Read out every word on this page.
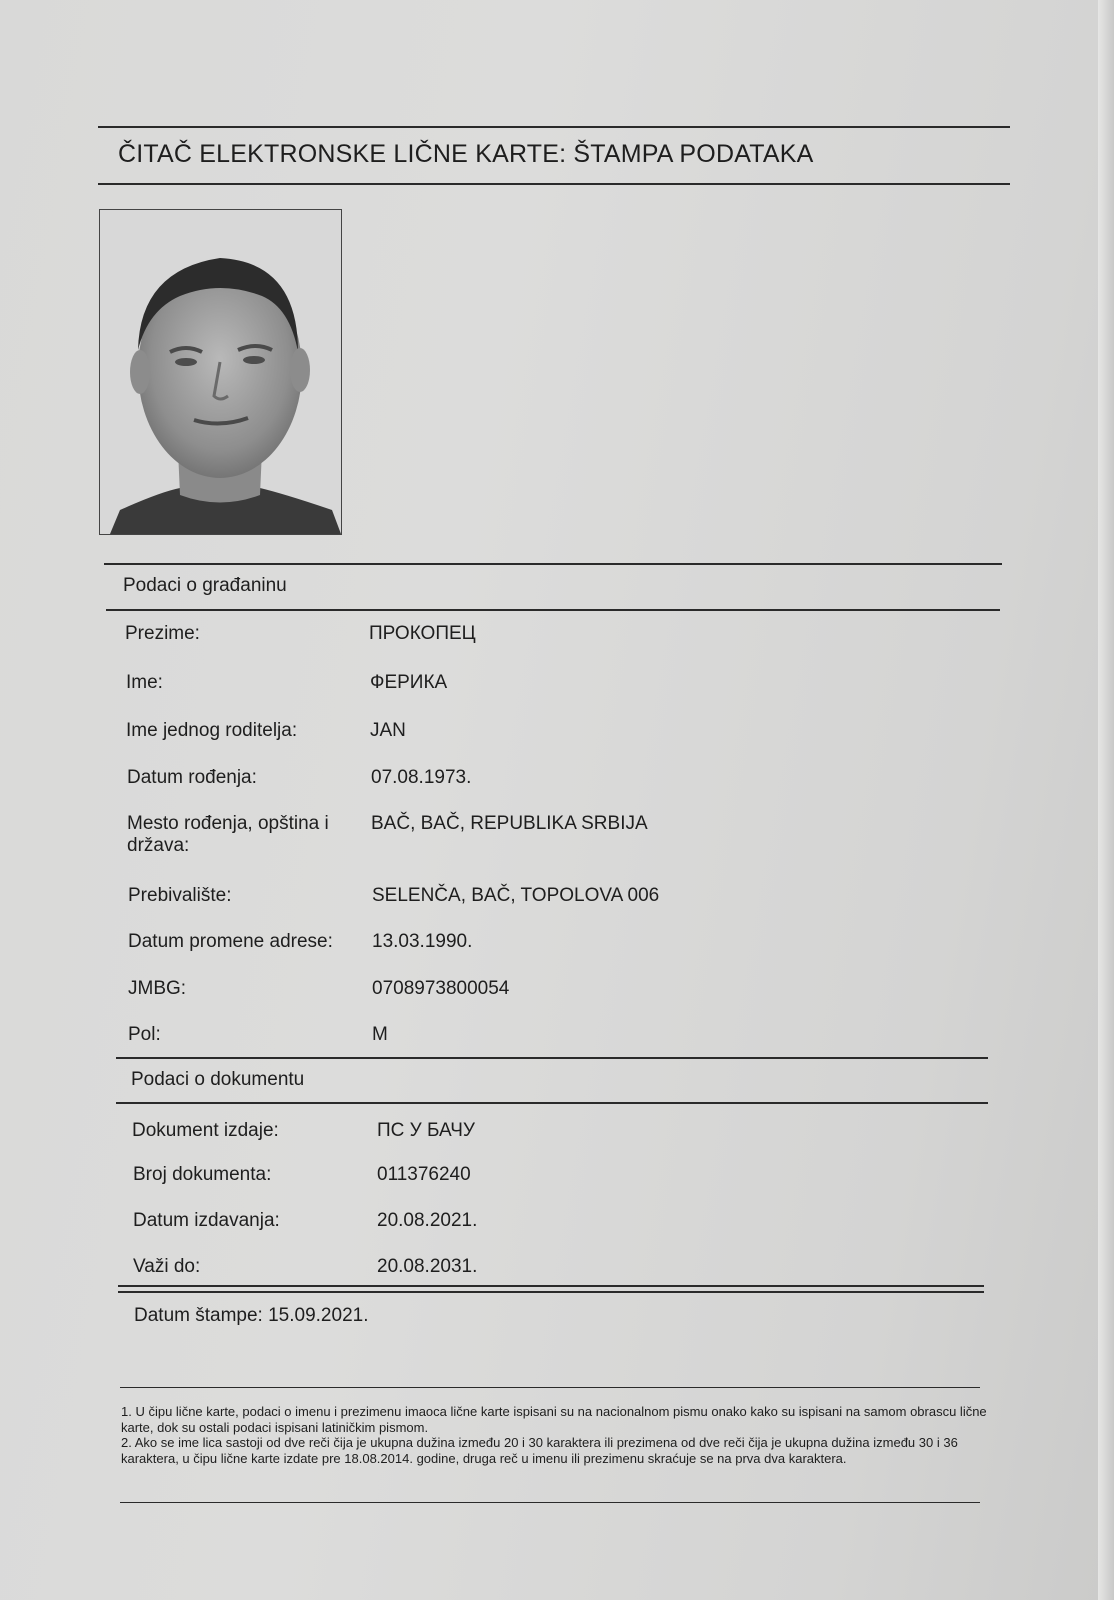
ČITAČ ELEKTRONSKE LIČNE KARTE: ŠTAMPA PODATAKA
Podaci o građaninu
Prezime:	ПРОКОПЕЦ
Ime:	ФЕРИКА
Ime jednog roditelja:	JAN
Datum rođenja:	07.08.1973.
Mesto rođenja, opština i država:
BAČ, BAČ, REPUBLIKA SRBIJA
Prebivalište:	SELENČA, BAČ, TOPOLOVA 006
Datum promene adrese:	13.03.1990.
JMBG:	0708973800054
Pol:	M
Podaci o dokumentu
Dokument izdaje:	ПС У БАЧУ
Broj dokumenta:	011376240
Datum izdavanja:	20.08.2021.
Važi do:	20.08.2031.
Datum štampe: 15.09.2021.

1. U čipu lične karte, podaci o imenu i prezimenu imaoca lične karte ispisani su na nacionalnom pismu onako kako su ispisani na samom obrascu lične karte, dok su ostali podaci ispisani latiničkim pismom.

2. Ako se ime lica sastoji od dve reči čija je ukupna dužina između 20 i 30 karaktera ili prezimena od dve reči čija je ukupna dužina između 30 i 36 karaktera, u čipu lične karte izdate pre 18.08.2014. godine, druga reč u imenu ili prezimenu skraćuje se na prva dva karaktera.
